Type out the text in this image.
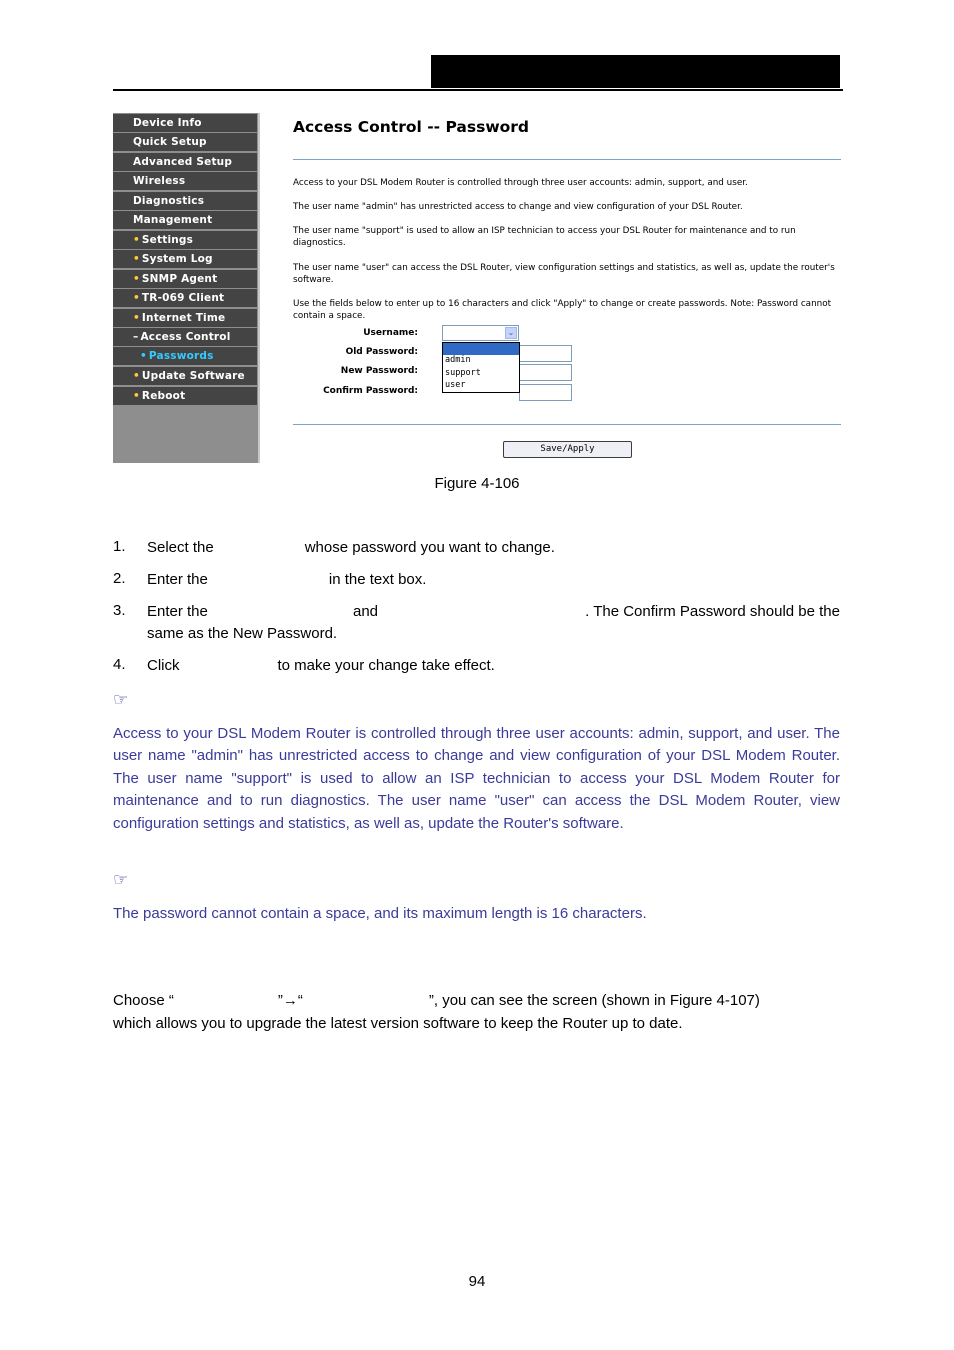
Device Info
Quick Setup
Advanced Setup
Wireless
Diagnostics
Management
• Settings
• System Log
• SNMP Agent
• TR-069 Client
• Internet Time
– Access Control
• Passwords
• Update Software
• Reboot
Access Control -- Password
Access to your DSL Modem Router is controlled through three user accounts: admin, support, and user.
The user name "admin" has unrestricted access to change and view configuration of your DSL Router.
The user name "support" is used to allow an ISP technician to access your DSL Router for maintenance and to run diagnostics.
The user name "user" can access the DSL Router, view configuration settings and statistics, as well as, update the router's software.
Use the fields below to enter up to 16 characters and click "Apply" to change or create passwords. Note: Password cannot contain a space.
Username:
Old Password:
New Password:
Confirm Password:
⌄
admin
support
user
Save/Apply
Figure 4-106
1. Select the	whose password you want to change.
2. Enter the	in the text box.
3. Enter the	and	. The Confirm Password should be the
same as the New Password.
4. Click	to make your change take effect.
☞
Access to your DSL Modem Router is controlled through three user accounts: admin, support, and user. The user name "admin" has unrestricted access to change and view configuration of your DSL Modem Router. The user name "support" is used to allow an ISP technician to access your DSL Modem Router for maintenance and to run diagnostics. The user name "user" can access the DSL Modem Router, view configuration settings and statistics, as well as, update the Router's software.
☞
The password cannot contain a space, and its maximum length is 16 characters.
Choose “	”→“	”, you can see the screen (shown in Figure 4-107)
which allows you to upgrade the latest version software to keep the Router up to date.
94
